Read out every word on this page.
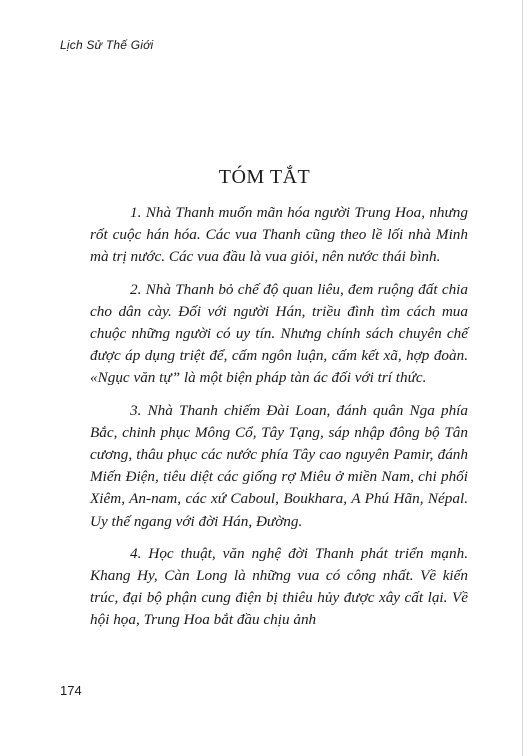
Lịch Sử Thế Giới
TÓM TẮT

1. Nhà Thanh muốn mãn hóa người Trung Hoa, nhưng rốt cuộc hán hóa. Các vua Thanh cũng theo lề lối nhà Minh mà trị nước. Các vua đầu là vua giỏi, nên nước thái bình.

2. Nhà Thanh bỏ chế độ quan liêu, đem ruộng đất chia cho dân cày. Đối với người Hán, triều đình tìm cách mua chuộc những người có uy tín. Nhưng chính sách chuyên chế được áp dụng triệt để, cấm ngôn luận, cấm kết xã, hợp đoàn. «Ngục văn tự” là một biện pháp tàn ác đối với trí thức.

3. Nhà Thanh chiếm Đài Loan, đánh quân Nga phía Bắc, chinh phục Mông Cổ, Tây Tạng, sáp nhập đông bộ Tân cương, thâu phục các nước phía Tây cao nguyên Pamir, đánh Miến Điện, tiêu diệt các giống rợ Miêu ở miền Nam, chi phối Xiêm, An-nam, các xứ Caboul, Boukhara, A Phú Hãn, Népal. Uy thế ngang với đời Hán, Đường.

4. Học thuật, văn nghệ đời Thanh phát triển mạnh. Khang Hy, Càn Long là những vua có công nhất. Về kiến trúc, đại bộ phận cung điện bị thiêu hủy được xây cất lại. Về hội họa, Trung Hoa bắt đầu chịu ảnh

174
